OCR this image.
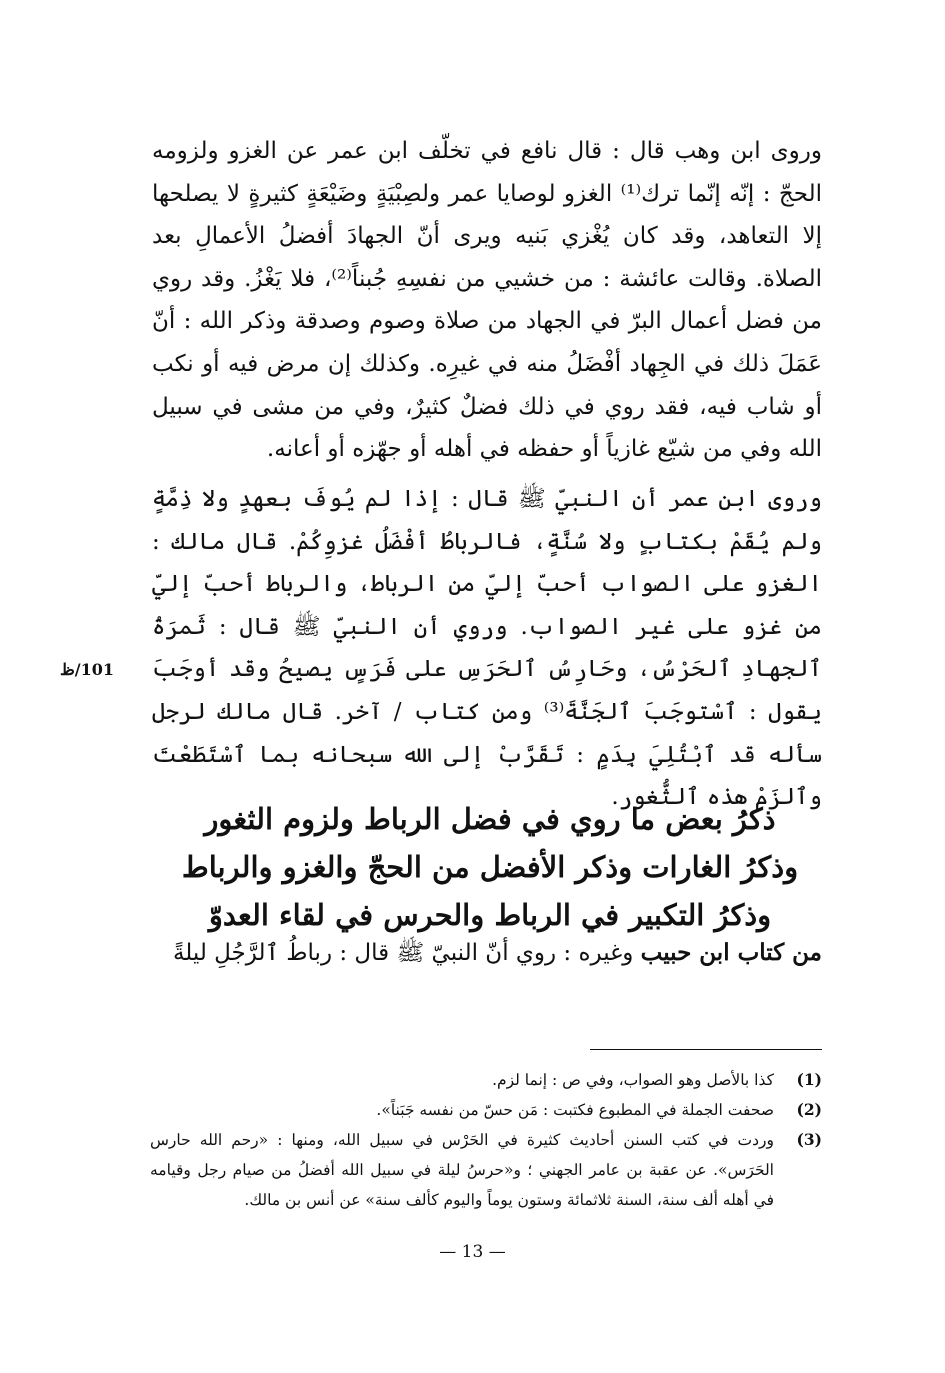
وروى ابن وهب قال : قال نافع في تخلّف ابن عمر عن الغزو ولزومه الحجّ : إنّه إنّما ترك⁽¹⁾ الغزو لوصايا عمر ولصِبْيَةٍ وضَيْعَةٍ كثيرةٍ لا يصلحها إلا التعاهد، وقد كان يُغْزي بَنيه ويرى أنّ الجهادَ أفضلُ الأعمالِ بعد الصلاة. وقالت عائشة : من خشيي من نفسِهِ جُبناً⁽²⁾، فلا يَغْزُ. وقد روي من فضل أعمال البرّ في الجهاد من صلاة وصوم وصدقة وذكر الله : أنّ عَمَلَ ذلك في الجِهاد أفْضَلُ منه في غيرِه. وكذلك إن مرض فيه أو نكب أو شاب فيه، فقد روي في ذلك فضلٌ كثيرٌ، وفي من مشى في سبيل الله وفي من شيّع غازياً أو حفظه في أهله أو جهّزه أو أعانه.

وروى ابن عمر أن النبيّ ﷺ قال : إذا لم يُوفَ بعهدٍ ولا ذِمَّةٍ ولم يُقَمْ بكتابٍ ولا سُنَّةٍ، فالرباطُ أفْضَلُ غزوِكُمْ. قال مالك : الغزو على الصواب أحبّ إليّ من الرباط، والرباط أحبّ إليّ من غزو على غير الصواب. وروي أن النبيّ ﷺ قال : ثَمرَةُ ٱلجهادِ ٱلحَرْسُ، وحَارِسُ ٱلحَرَسِ على فَرَسٍ يصيحُ وقد أوجَبَ يقول : ٱسْتوجَبَ ٱلجَنَّةَ⁽³⁾ ومن كتاب / آخر. قال مالك لرجل سأله قد ٱبْتُلِيَ بِدَمٍ : تَقَرَّبْ إلى الله سبحانه بما ٱسْتَطَعْتَ وٱلزَمْ هذه ٱلثُّغور.

101/ظ

ذكرُ بعض ما روي في فضل الرباط ولزوم الثغور

وذكرُ الغارات وذكر الأفضل من الحجّ والغزو والرباط

وذكرُ التكبير في الرباط والحرس في لقاء العدوّ

من كتاب ابن حبيب وغيره : روي أنّ النبيّ ﷺ قال : رباطُ ٱلرَّجُلِ ليلةً

(1)
كذا بالأصل وهو الصواب، وفي ص : إنما لزم.

(2)
صحفت الجملة في المطبوع فكتبت : مَن حسّ من نفسه جَبَناً».

(3)
وردت في كتب السنن أحاديث كثيرة في الحَرْس في سبيل الله، ومنها : «رحم الله حارس الحَرَس». عن عقبة بن عامر الجهني ؛ و«حرسُ ليلة في سبيل الله أفضلُ من صيام رجل وقيامه في أهله ألف سنة، السنة ثلاثمائة وستون يوماً واليوم كألف سنة» عن أنس بن مالك.

— 13 —
